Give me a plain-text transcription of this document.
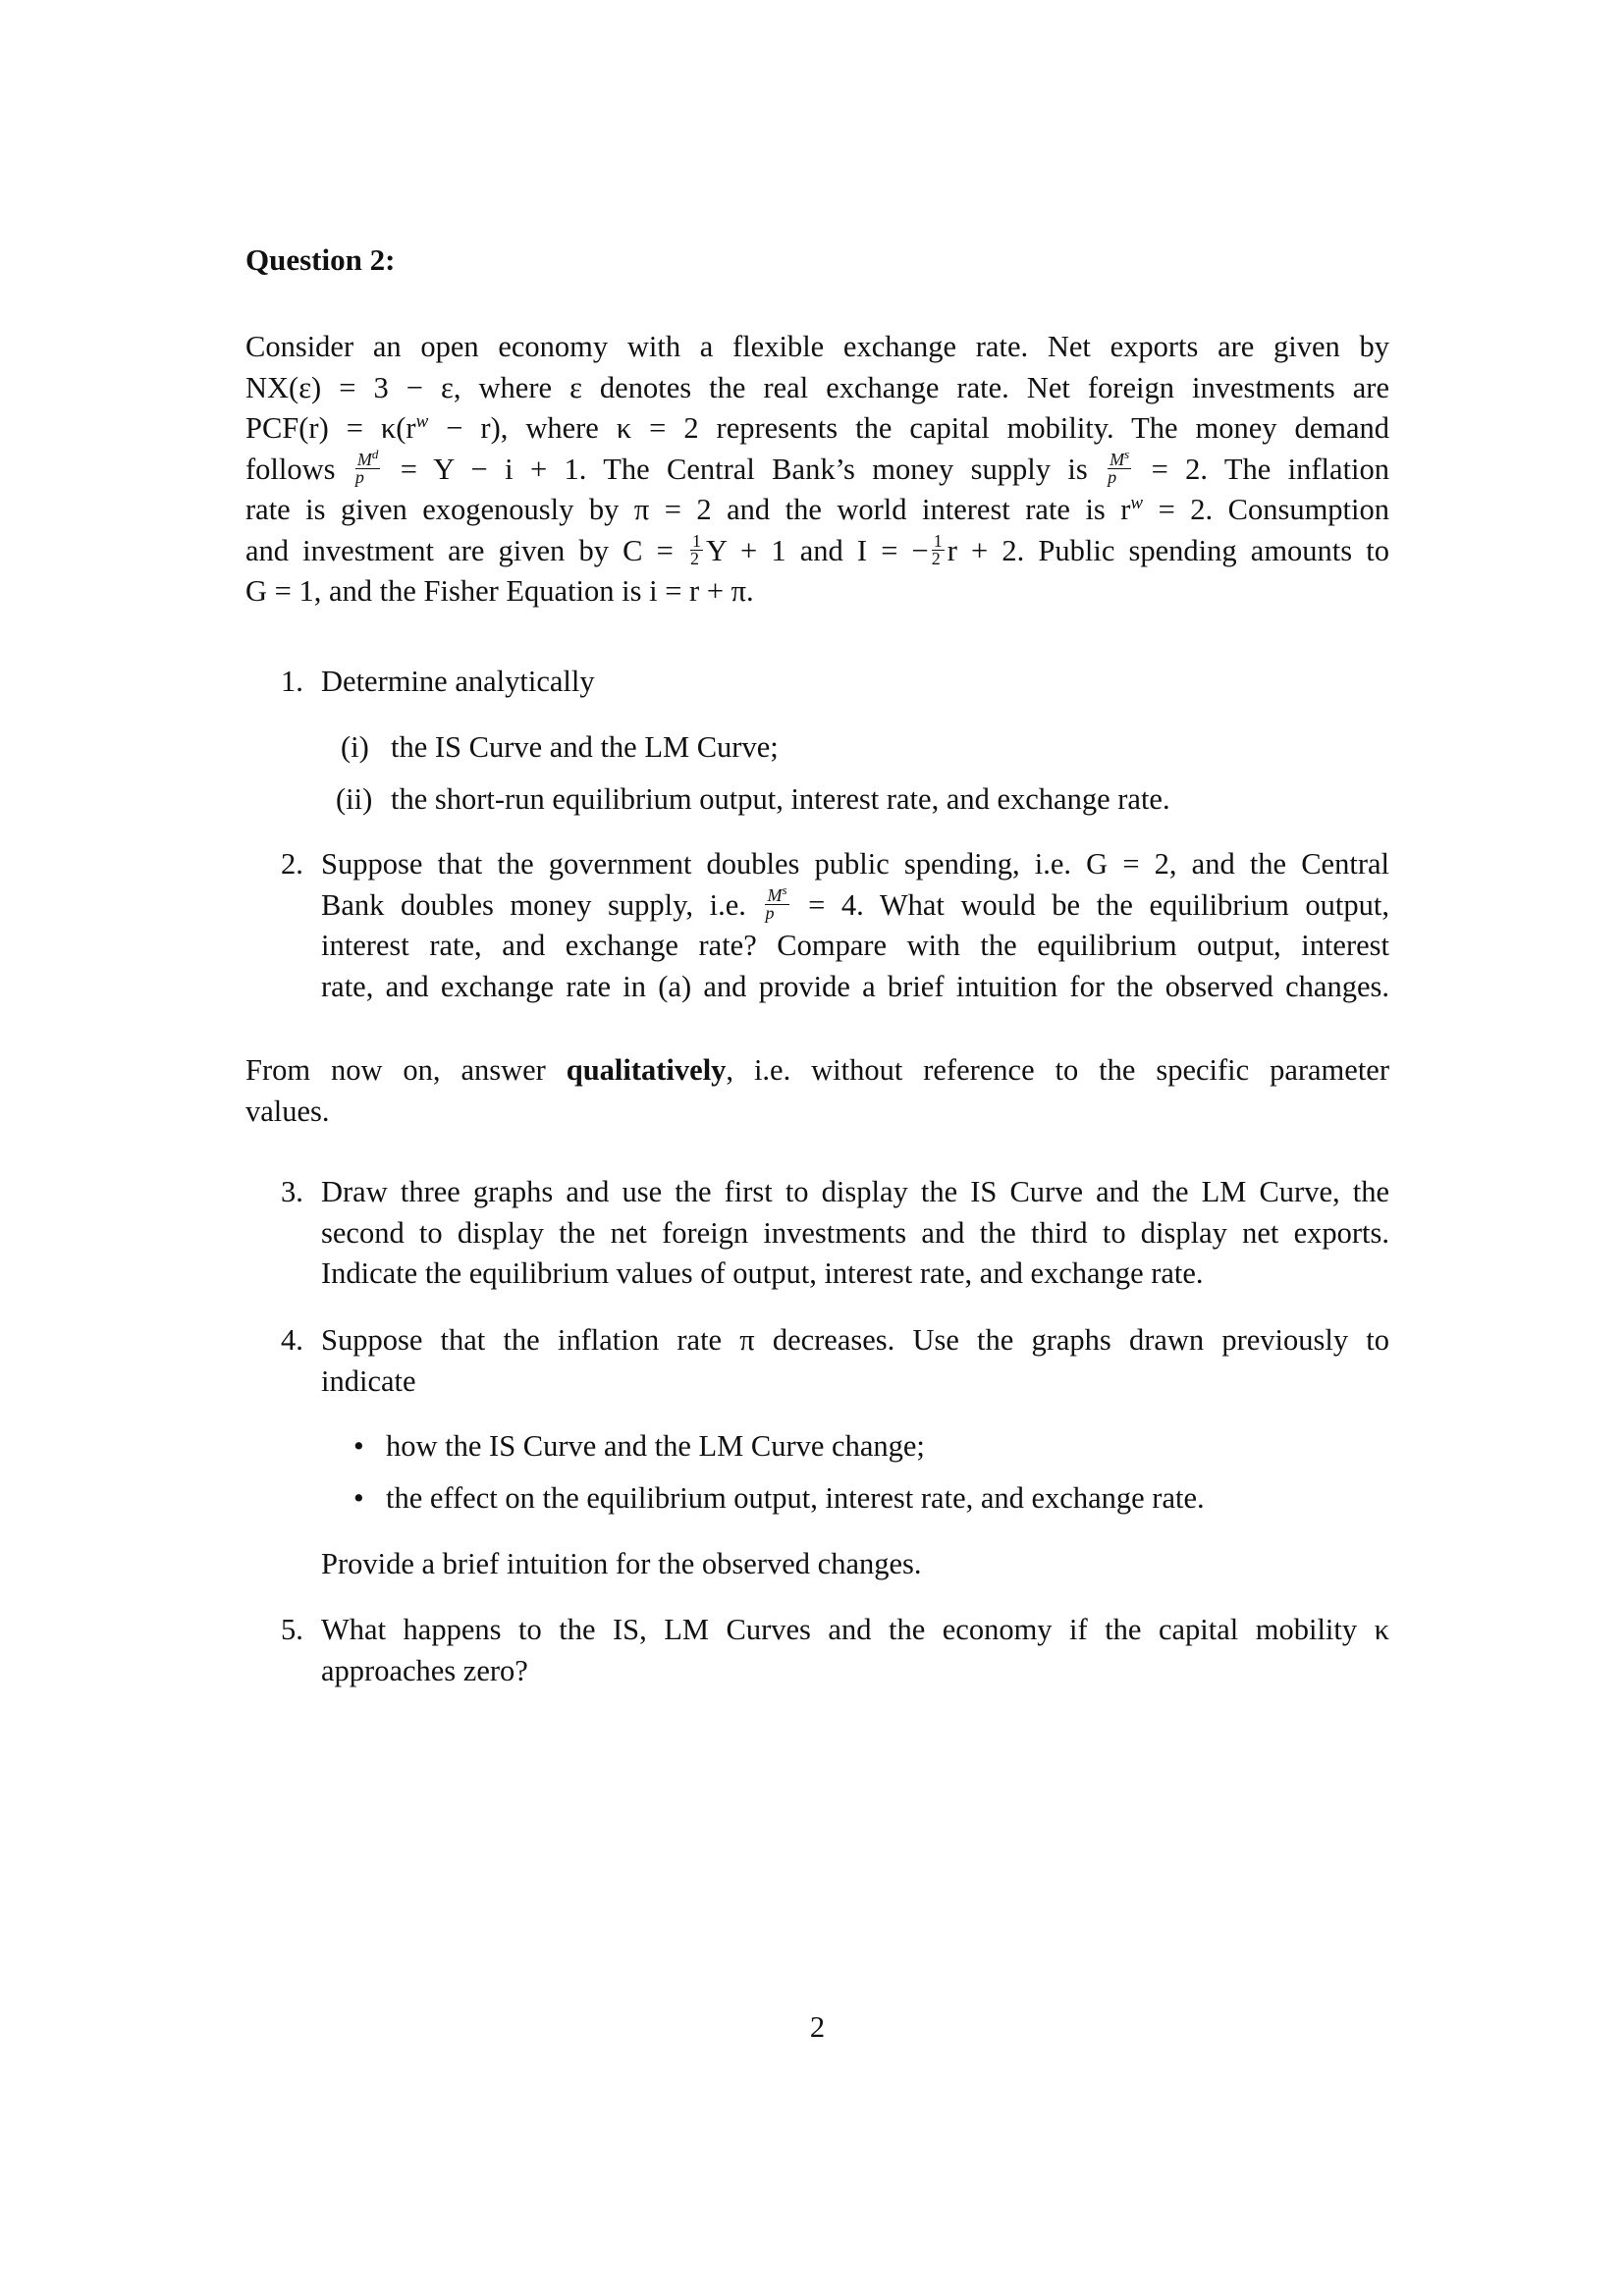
Question 2:
Consider an open economy with a flexible exchange rate. Net exports are given by
NX(ε) = 3 − ε, where ε denotes the real exchange rate. Net foreign investments are
$PCF(r) = \kappa(r^w - r)$, where κ = 2 represents the capital mobility. The money demand
follows $\frac{M^d}{p} = Y - i + 1$. The Central Bank’s money supply is $\frac{M^s}{p} = 2$. The inflation
rate is given exogenously by π = 2 and the world interest rate is $r^w = 2$. Consumption
and investment are given by $C = \frac{1}{2}$ Y + 1 and I = − $\frac{1}{2}$ r + 2. Public spending amounts to
G = 1, and the Fisher Equation is i = r + π.
1. Determine analytically
(i) the IS Curve and the LM Curve;
(ii) the short-run equilibrium output, interest rate, and exchange rate.
2. Suppose that the government doubles public spending, i.e. G = 2, and the Central
Bank doubles money supply, i.e. $\frac{M^s}{p} = 4$. What would be the equilibrium output,
interest rate, and exchange rate? Compare with the equilibrium output, interest
rate, and exchange rate in (a) and provide a brief intuition for the observed changes.
From now on, answer qualitatively, i.e. without reference to the specific parameter
values.
3. Draw three graphs and use the first to display the IS Curve and the LM Curve, the
second to display the net foreign investments and the third to display net exports.
Indicate the equilibrium values of output, interest rate, and exchange rate.
4. Suppose that the inflation rate π decreases. Use the graphs drawn previously to
indicate
• how the IS Curve and the LM Curve change;
• the effect on the equilibrium output, interest rate, and exchange rate.
Provide a brief intuition for the observed changes.
5. What happens to the IS, LM Curves and the economy if the capital mobility κ
approaches zero?
2
